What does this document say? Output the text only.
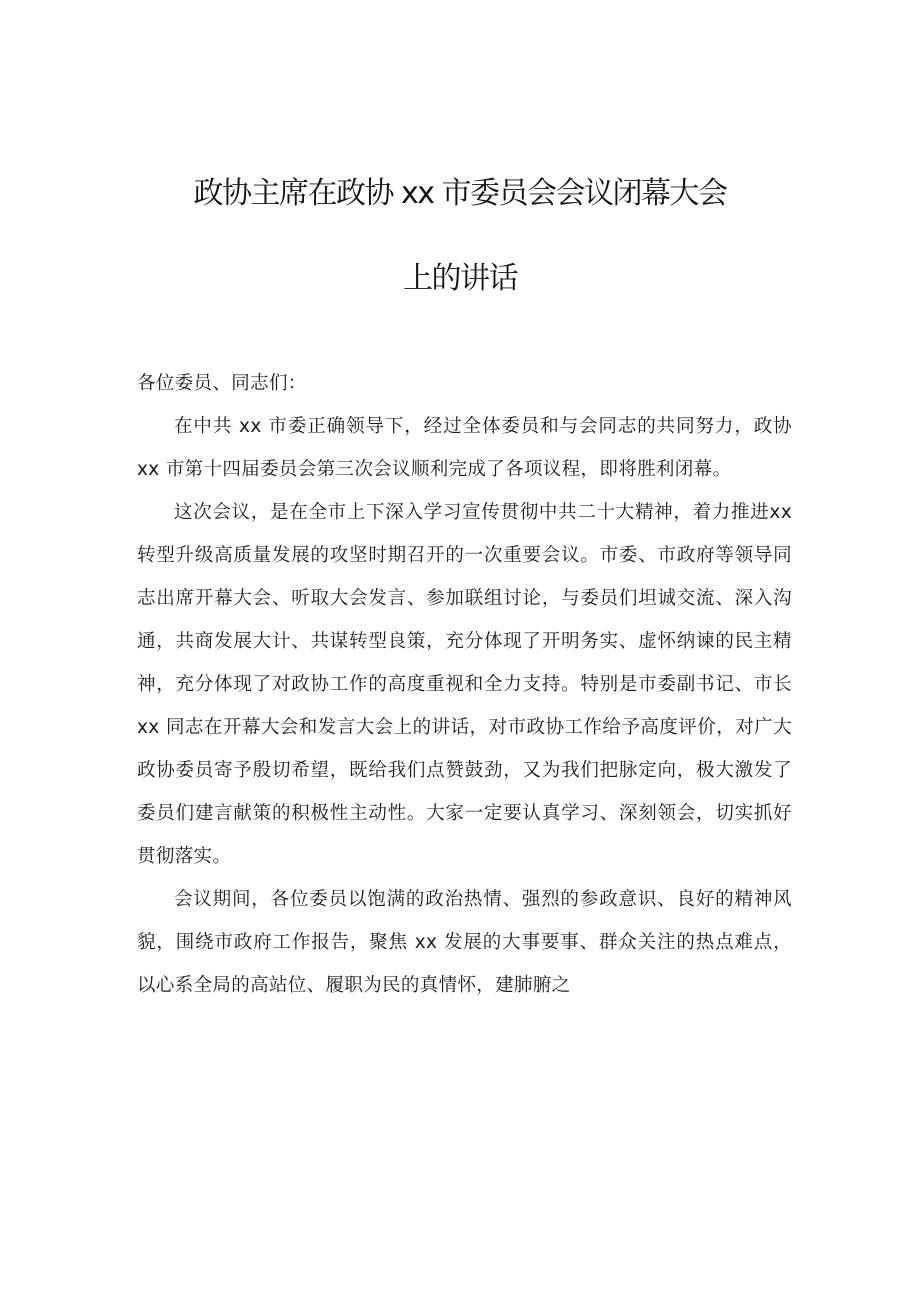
政协主席在政协 xx 市委员会会议闭幕大会
上的讲话

各位委员、同志们：

在中共 xx 市委正确领导下，经过全体委员和与会同志的共同努力，政协 xx 市第十四届委员会第三次会议顺利完成了各项议程，即将胜利闭幕。

这次会议，是在全市上下深入学习宣传贯彻中共二十大精神，着力推进xx转型升级高质量发展的攻坚时期召开的一次重要会议。市委、市政府等领导同志出席开幕大会、听取大会发言、参加联组讨论，与委员们坦诚交流、深入沟通，共商发展大计、共谋转型良策，充分体现了开明务实、虚怀纳谏的民主精神，充分体现了对政协工作的高度重视和全力支持。特别是市委副书记、市长 xx 同志在开幕大会和发言大会上的讲话，对市政协工作给予高度评价，对广大政协委员寄予殷切希望，既给我们点赞鼓劲，又为我们把脉定向，极大激发了委员们建言献策的积极性主动性。大家一定要认真学习、深刻领会，切实抓好贯彻落实。

会议期间，各位委员以饱满的政治热情、强烈的参政意识、良好的精神风貌，围绕市政府工作报告，聚焦 xx 发展的大事要事、群众关注的热点难点，以心系全局的高站位、履职为民的真情怀，建肺腑之
